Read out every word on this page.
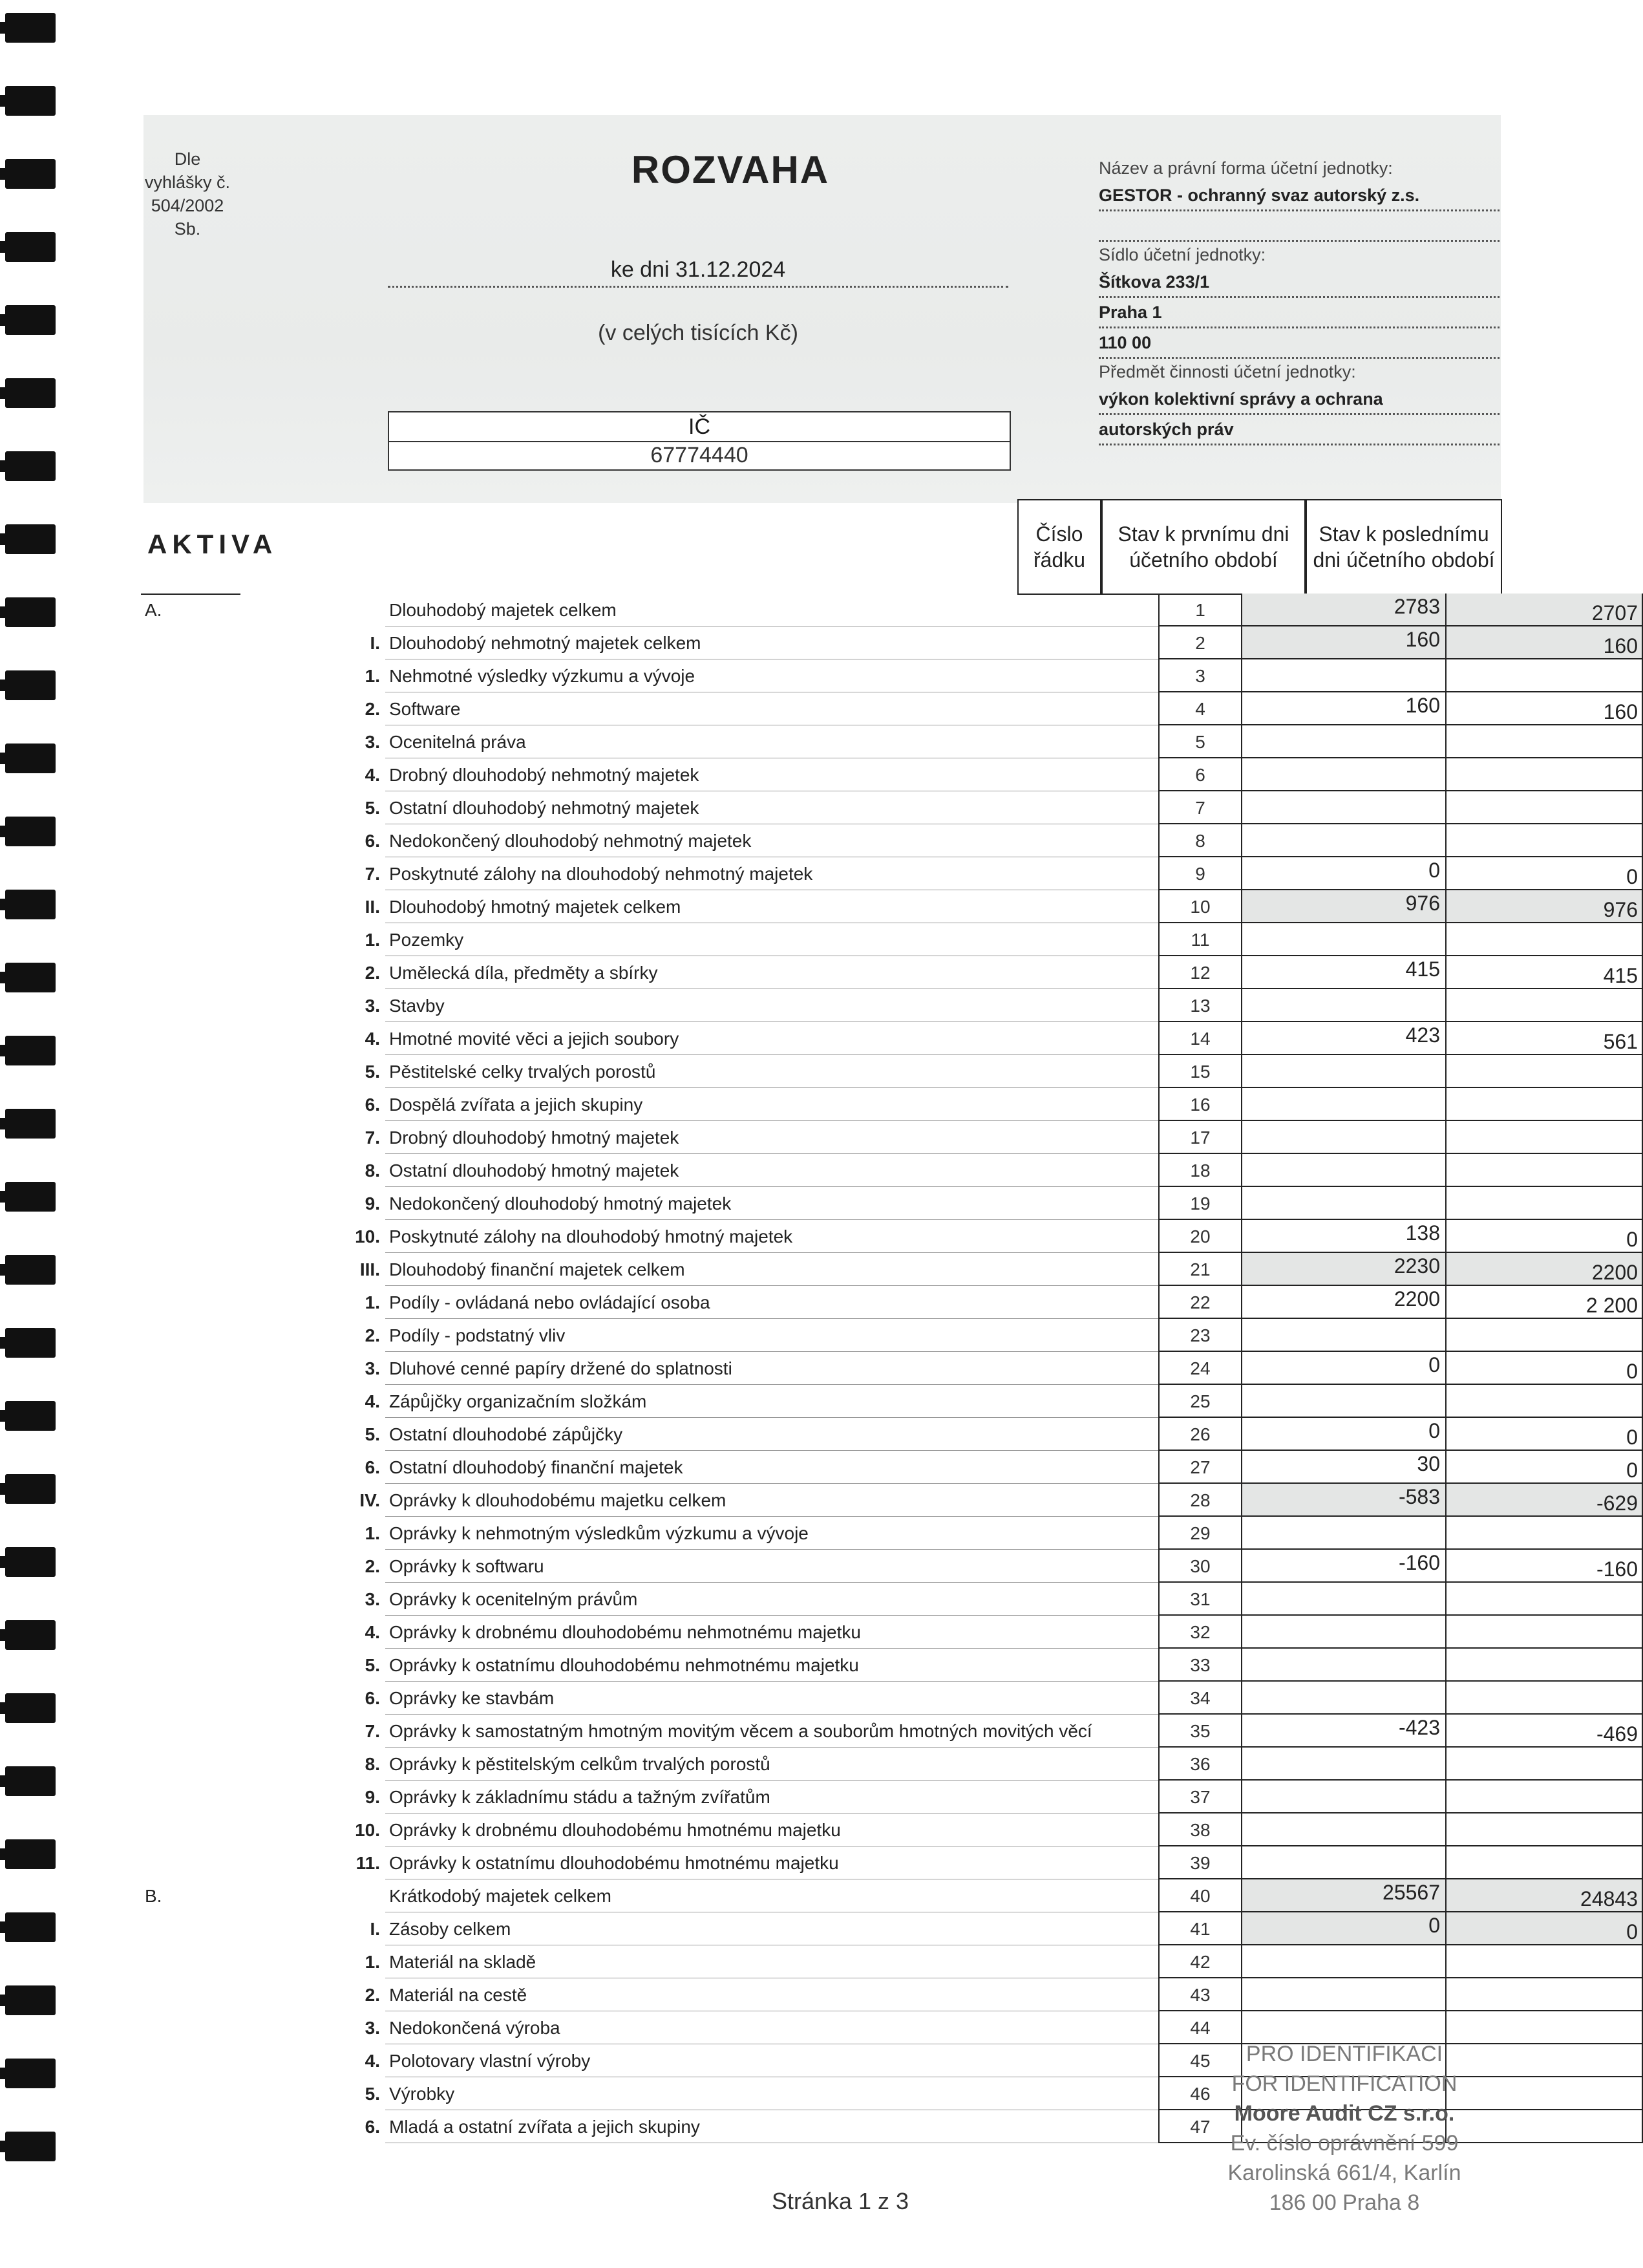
Dle
vyhlášky č.
504/2002
Sb.
ROZVAHA
ke dni 31.12.2024
(v celých tisících Kč)
IČ
67774440
Název a právní forma účetní jednotky:
GESTOR - ochranný svaz autorský z.s.
Sídlo účetní jednotky:
Šítkova 233/1
Praha 1
110 00
Předmět činnosti účetní jednotky:
výkon kolektivní správy a ochrana
autorských práv
AKTIVA	Číslo řádku
Stav k prvnímu dni účetního období
Stav k poslednímu dni účetního období
A.	Dlouhodobý majetek celkem	1	2783	2707
I. Dlouhodobý nehmotný majetek celkem	2	160	160
1. Nehmotné výsledky výzkumu a vývoje	3
2. Software	4	160	160
3. Ocenitelná práva	5
4. Drobný dlouhodobý nehmotný majetek	6
5. Ostatní dlouhodobý nehmotný majetek	7
6. Nedokončený dlouhodobý nehmotný majetek	8
7. Poskytnuté zálohy na dlouhodobý nehmotný majetek	9	0	0
II. Dlouhodobý hmotný majetek celkem	10	976	976
1. Pozemky	11
2. Umělecká díla, předměty a sbírky	12	415	415
3. Stavby	13
4. Hmotné movité věci a jejich soubory	14	423	561
5. Pěstitelské celky trvalých porostů	15
6. Dospělá zvířata a jejich skupiny	16
7. Drobný dlouhodobý hmotný majetek	17
8. Ostatní dlouhodobý hmotný majetek	18
9. Nedokončený dlouhodobý hmotný majetek	19
10. Poskytnuté zálohy na dlouhodobý hmotný majetek	20	138	0
III. Dlouhodobý finanční majetek celkem	21	2230	2200
1. Podíly - ovládaná nebo ovládající osoba	22	2200	2 200
2. Podíly - podstatný vliv	23
3. Dluhové cenné papíry držené do splatnosti	24	0	0
4. Zápůjčky organizačním složkám	25
5. Ostatní dlouhodobé zápůjčky	26	0	0
6. Ostatní dlouhodobý finanční majetek	27	30	0
IV. Oprávky k dlouhodobému majetku celkem	28	-583	-629
1. Oprávky k nehmotným výsledkům výzkumu a vývoje	29
2. Oprávky k softwaru	30	-160	-160
3. Oprávky k ocenitelným právům	31
4. Oprávky k drobnému dlouhodobému nehmotnému majetku	32
5. Oprávky k ostatnímu dlouhodobému nehmotnému majetku	33
6. Oprávky ke stavbám	34
7. Oprávky k samostatným hmotným movitým věcem a souborům hmotných movitých věcí	35	-423	-469
8. Oprávky k pěstitelským celkům trvalých porostů	36
9. Oprávky k základnímu stádu a tažným zvířatům	37
10. Oprávky k drobnému dlouhodobému hmotnému majetku	38
11. Oprávky k ostatnímu dlouhodobému hmotnému majetku	39
B.	Krátkodobý majetek celkem	40	25567	24843
I. Zásoby celkem	41	0	0
1. Materiál na skladě	42
2. Materiál na cestě	43
3. Nedokončená výroba	44
4. Polotovary vlastní výroby	45
5. Výrobky	46
6. Mladá a ostatní zvířata a jejich skupiny	47
PRO IDENTIFIKACI
FOR IDENTIFICATION
Moore Audit CZ s.r.o.
Ev. číslo oprávnění 599
Karolinská 661/4, Karlín
186 00 Praha 8
Stránka 1 z 3
